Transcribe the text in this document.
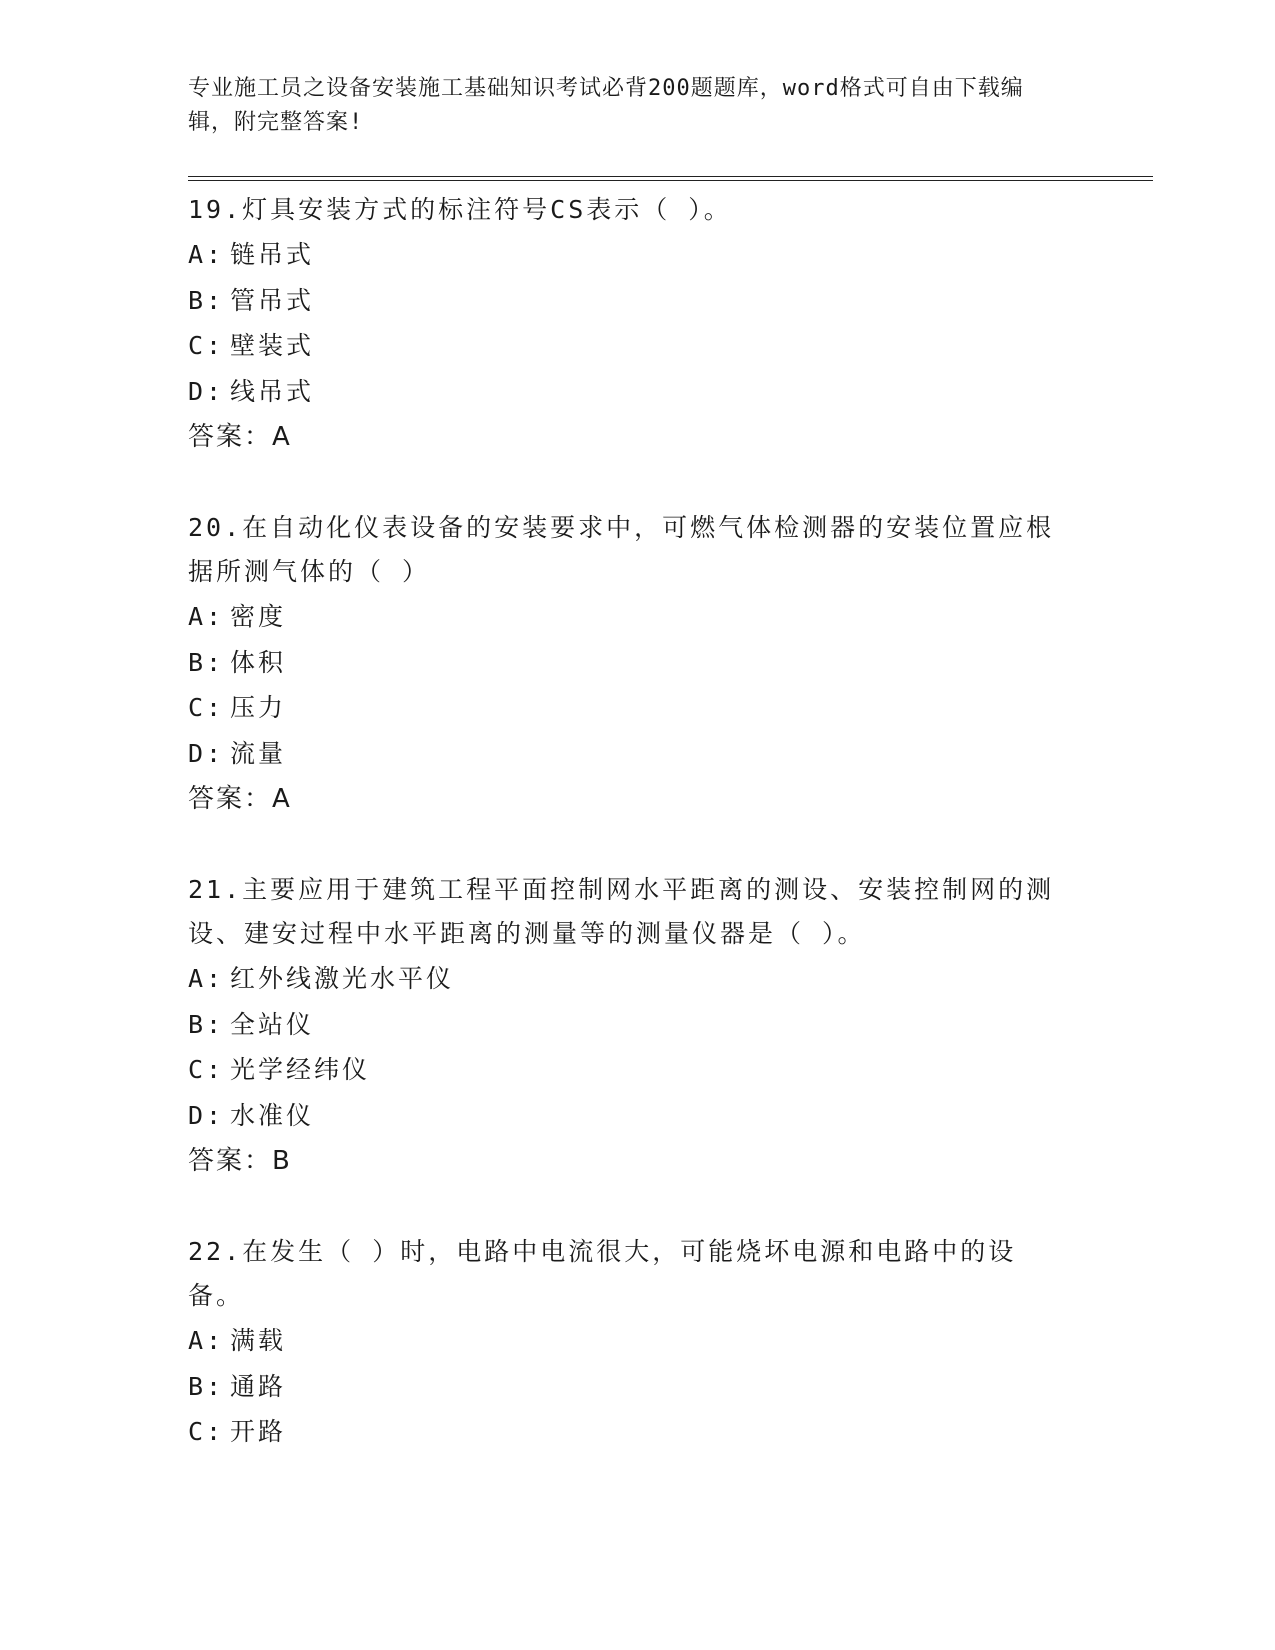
专业施工员之设备安装施工基础知识考试必背200题题库，word格式可自由下载编辑，附完整答案!

19.灯具安装方式的标注符号CS表示（ ）。

A: 链吊式
B: 管吊式
C: 壁装式
D: 线吊式
答案：A

20.在自动化仪表设备的安装要求中，可燃气体检测器的安装位置应根据所测气体的（ ）

A: 密度
B: 体积
C: 压力
D: 流量
答案：A

21.主要应用于建筑工程平面控制网水平距离的测设、安装控制网的测设、建安过程中水平距离的测量等的测量仪器是（ ）。

A: 红外线激光水平仪
B: 全站仪
C: 光学经纬仪
D: 水准仪
答案：B

22.在发生（ ）时，电路中电流很大，可能烧坏电源和电路中的设备。

A: 满载
B: 通路
C: 开路
